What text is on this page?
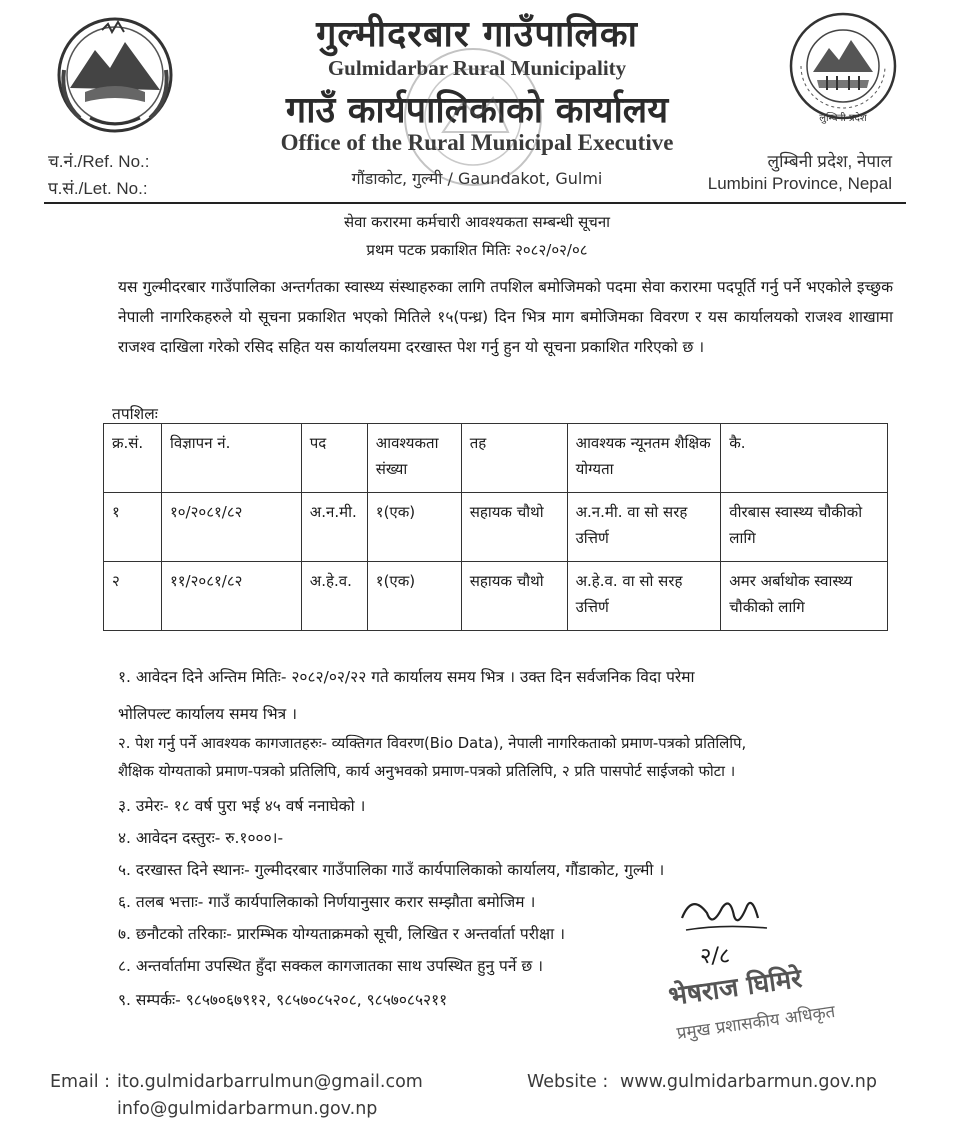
लुम्बिनी प्रदेश
गुल्मीदरबार गाउँपालिका
Gulmidarbar Rural Municipality
गाउँ कार्यपालिकाको कार्यालय
Office of the Rural Municipal Executive
गौंडाकोट, गुल्मी / Gaundakot, Gulmi
च.नं./Ref. No.:
प.सं./Let. No.:
लुम्बिनी प्रदेश, नेपाल
Lumbini Province, Nepal
सेवा करारमा कर्मचारी आवश्यकता सम्बन्धी सूचना
प्रथम पटक प्रकाशित मितिः २०८२/०२/०८
यस गुल्मीदरबार गाउँपालिका अन्तर्गतका स्वास्थ्य संस्थाहरुका लागि तपशिल बमोजिमको पदमा सेवा करारमा पदपूर्ति गर्नु पर्ने भएकोले इच्छुक नेपाली नागरिकहरुले यो सूचना प्रकाशित भएको मितिले १५(पन्ध्र) दिन भित्र माग बमोजिमका विवरण र यस कार्यालयको राजश्व शाखामा राजश्व दाखिला गरेको रसिद सहित यस कार्यालयमा दरखास्त पेश गर्नु हुन यो सूचना प्रकाशित गरिएको छ ।
तपशिलः
क्र.सं.	विज्ञापन नं.	पद	आवश्यकता संख्या	तह	आवश्यक न्यूनतम शैक्षिक योग्यता	कै.
१	१०/२०८१/८२	अ.न.मी.	१(एक)	सहायक चौथो	अ.न.मी. वा सो सरह उत्तिर्ण	वीरबास स्वास्थ्य चौकीको लागि
२	११/२०८१/८२	अ.हे.व.	१(एक)	सहायक चौथो	अ.हे.व. वा सो सरह उत्तिर्ण	अमर अर्बाथोक स्वास्थ्य चौकीको लागि
१. आवेदन दिने अन्तिम मितिः- २०८२/०२/२२ गते कार्यालय समय भित्र । उक्त दिन सर्वजनिक विदा परेमा
भोलिपल्ट कार्यालय समय भित्र ।
२. पेश गर्नु पर्ने आवश्यक कागजातहरुः- व्यक्तिगत विवरण(Bio Data), नेपाली नागरिकताको प्रमाण-पत्रको प्रतिलिपि,
शैक्षिक योग्यताको प्रमाण-पत्रको प्रतिलिपि, कार्य अनुभवको प्रमाण-पत्रको प्रतिलिपि, २ प्रति पासपोर्ट साईजको फोटा ।
३. उमेरः- १८ वर्ष पुरा भई ४५ वर्ष ननाघेको ।
४. आवेदन दस्तुरः- रु.१०००।-
५. दरखास्त दिने स्थानः- गुल्मीदरबार गाउँपालिका गाउँ कार्यपालिकाको कार्यालय, गौंडाकोट, गुल्मी ।
६. तलब भत्ताः- गाउँ कार्यपालिकाको निर्णयानुसार करार सम्झौता बमोजिम ।
७. छनौटको तरिकाः- प्रारम्भिक योग्यताक्रमको सूची, लिखित र अन्तर्वार्ता परीक्षा ।
८. अन्तर्वार्तामा उपस्थित हुँदा सक्कल कागजातका साथ उपस्थित हुनु पर्ने छ ।
९. सम्पर्कः- ९८५७०६७९१२, ९८५७०८५२०८, ९८५७०८५२११
२/८
भेषराज घिमिरे
प्रमुख प्रशासकीय अधिकृत
Email : ito.gulmidarbarrulmun@gmail.com
info@gulmidarbarmun.gov.np
Website : www.gulmidarbarmun.gov.np
